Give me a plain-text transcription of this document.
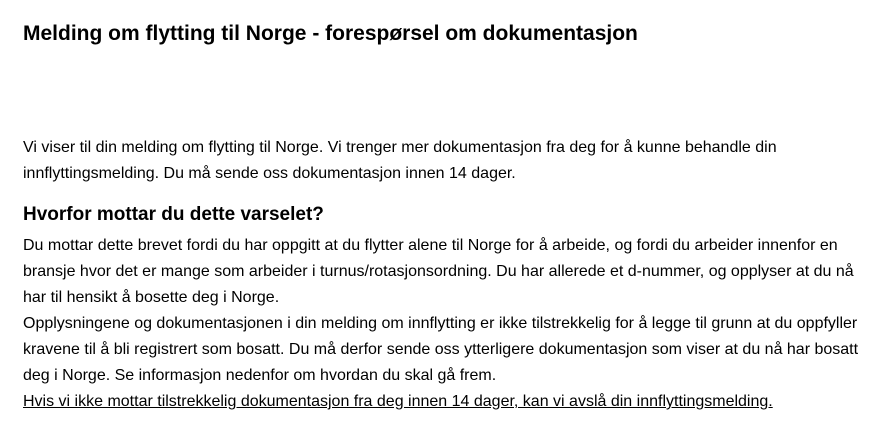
Melding om flytting til Norge - forespørsel om dokumentasjon

Vi viser til din melding om flytting til Norge. Vi trenger mer dokumentasjon fra deg for å kunne behandle din innflyttingsmelding. Du må sende oss dokumentasjon innen 14 dager.

Hvorfor mottar du dette varselet?

Du mottar dette brevet fordi du har oppgitt at du flytter alene til Norge for å arbeide, og fordi du arbeider innenfor en bransje hvor det er mange som arbeider i turnus/rotasjonsordning. Du har allerede et d-nummer, og opplyser at du nå har til hensikt å bosette deg i Norge.

Opplysningene og dokumentasjonen i din melding om innflytting er ikke tilstrekkelig for å legge til grunn at du oppfyller kravene til å bli registrert som bosatt. Du må derfor sende oss ytterligere dokumentasjon som viser at du nå har bosatt deg i Norge. Se informasjon nedenfor om hvordan du skal gå frem.

Hvis vi ikke mottar tilstrekkelig dokumentasjon fra deg innen 14 dager, kan vi avslå din innflyttingsmelding.
